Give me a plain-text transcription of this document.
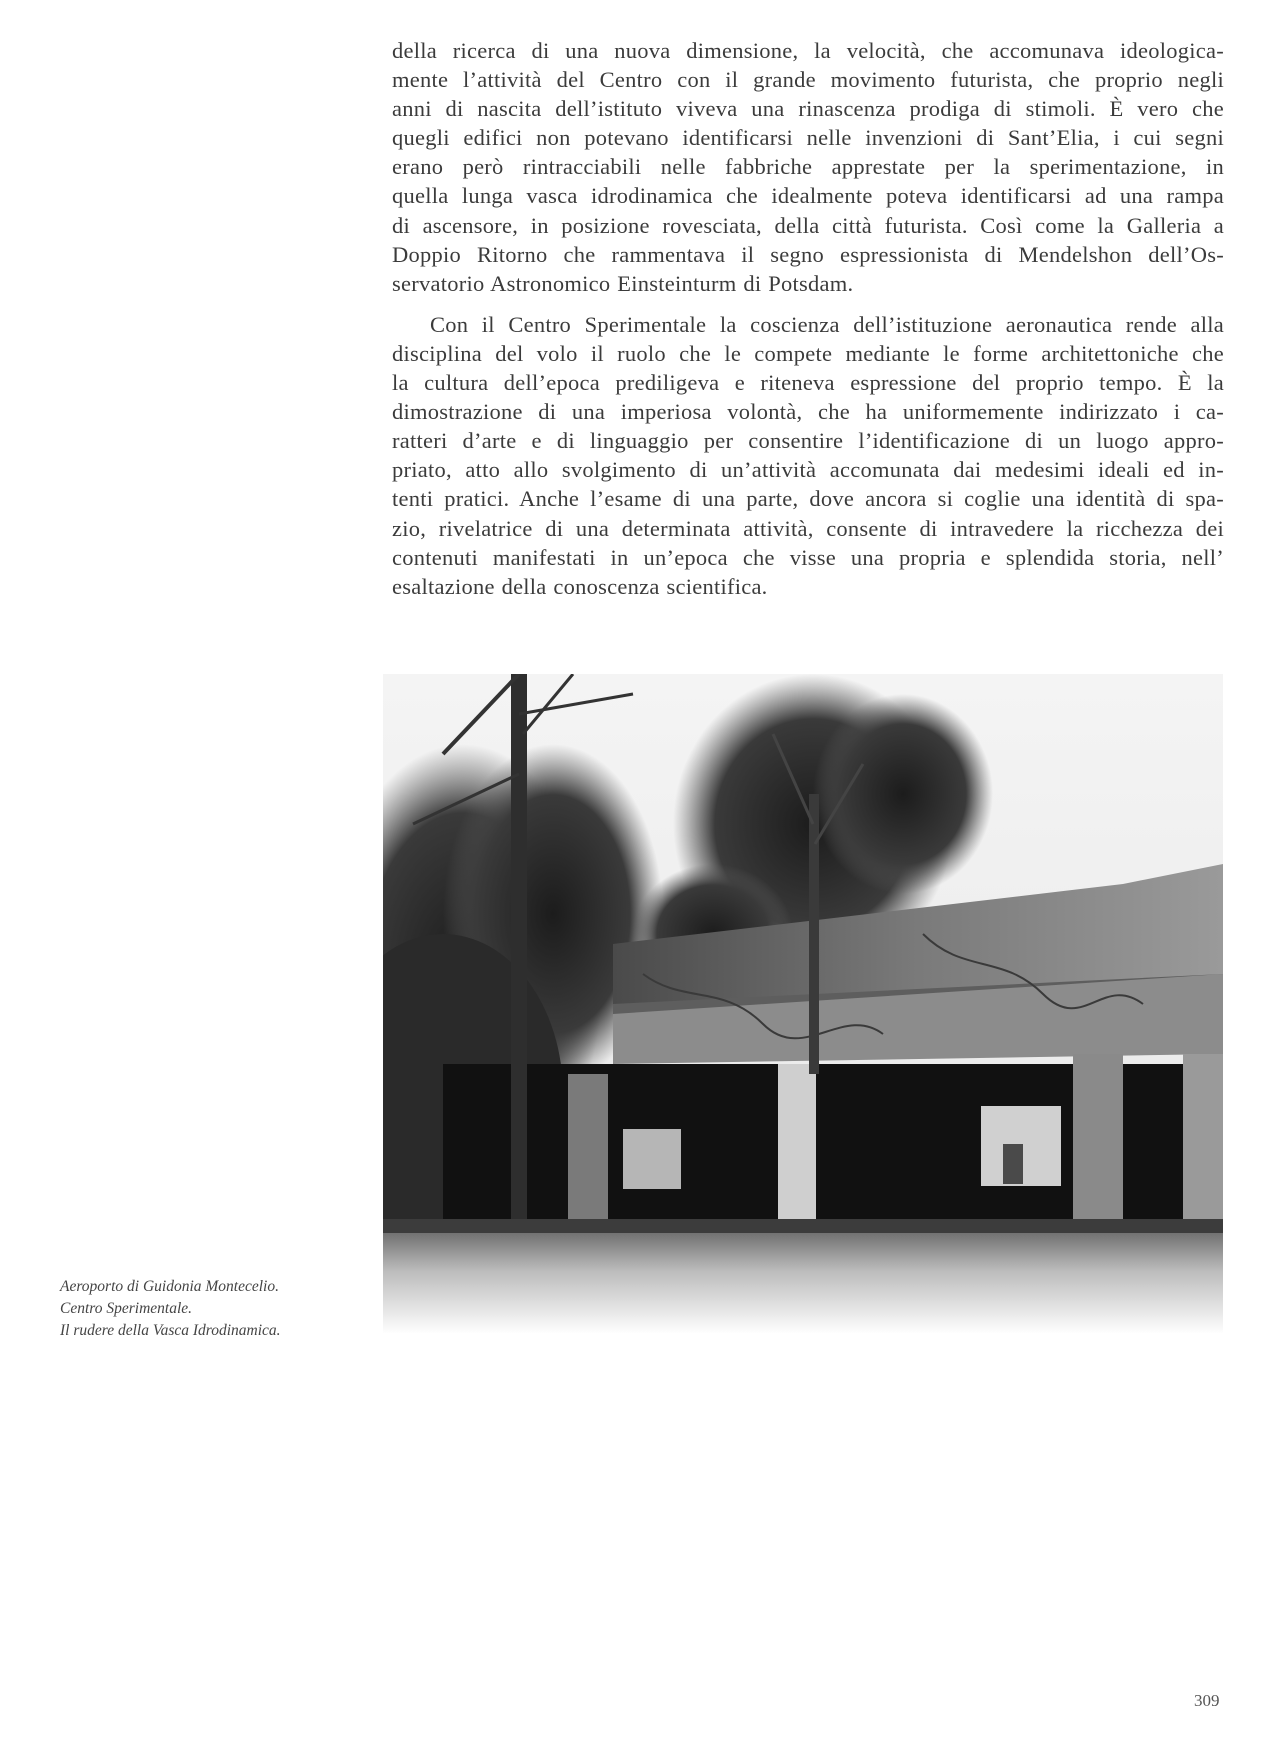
della ricerca di una nuova dimensione, la velocità, che accomunava ideologica-
mente l’attività del Centro con il grande movimento futurista, che proprio negli
anni di nascita dell’istituto viveva una rinascenza prodiga di stimoli. È vero che
quegli edifici non potevano identificarsi nelle invenzioni di Sant’Elia, i cui segni
erano però rintracciabili nelle fabbriche apprestate per la sperimentazione, in
quella lunga vasca idrodinamica che idealmente poteva identificarsi ad una rampa
di ascensore, in posizione rovesciata, della città futurista. Così come la Galleria a
Doppio Ritorno che rammentava il segno espressionista di Mendelshon dell’Os-
servatorio Astronomico Einsteinturm di Potsdam.

Con il Centro Sperimentale la coscienza dell’istituzione aeronautica rende alla
disciplina del volo il ruolo che le compete mediante le forme architettoniche che
la cultura dell’epoca prediligeva e riteneva espressione del proprio tempo. È la
dimostrazione di una imperiosa volontà, che ha uniformemente indirizzato i ca-
ratteri d’arte e di linguaggio per consentire l’identificazione di un luogo appro-
priato, atto allo svolgimento di un’attività accomunata dai medesimi ideali ed in-
tenti pratici. Anche l’esame di una parte, dove ancora si coglie una identità di spa-
zio, rivelatrice di una determinata attività, consente di intravedere la ricchezza dei
contenuti manifestati in un’epoca che visse una propria e splendida storia, nell’
esaltazione della conoscenza scientifica.

Aeroporto di Guidonia Montecelio.
Centro Sperimentale.
Il rudere della Vasca Idrodinamica.
309
